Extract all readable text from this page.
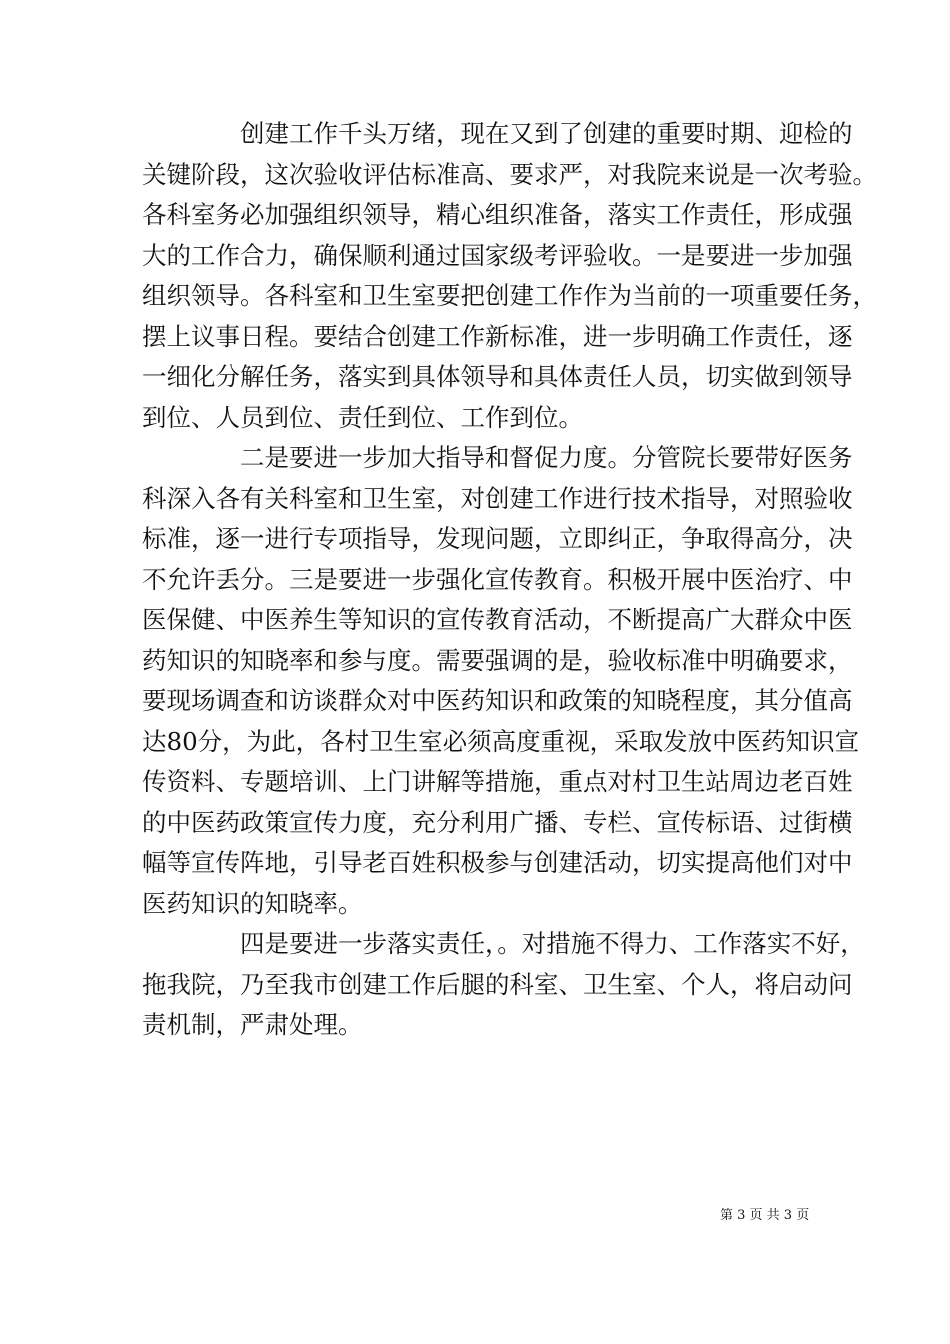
创建工作千头万绪，现在又到了创建的重要时期、迎检的
关键阶段，这次验收评估标准高、要求严，对我院来说是一次考验。
各科室务必加强组织领导，精心组织准备，落实工作责任，形成强
大的工作合力，确保顺利通过国家级考评验收。一是要进一步加强
组织领导。各科室和卫生室要把创建工作作为当前的一项重要任务，
摆上议事日程。要结合创建工作新标准，进一步明确工作责任，逐
一细化分解任务，落实到具体领导和具体责任人员，切实做到领导
到位、人员到位、责任到位、工作到位。
二是要进一步加大指导和督促力度。分管院长要带好医务
科深入各有关科室和卫生室，对创建工作进行技术指导，对照验收
标准，逐一进行专项指导，发现问题，立即纠正，争取得高分，决
不允许丢分。三是要进一步强化宣传教育。积极开展中医治疗、中
医保健、中医养生等知识的宣传教育活动，不断提高广大群众中医
药知识的知晓率和参与度。需要强调的是，验收标准中明确要求，
要现场调查和访谈群众对中医药知识和政策的知晓程度，其分值高
达80分，为此，各村卫生室必须高度重视，采取发放中医药知识宣
传资料、专题培训、上门讲解等措施，重点对村卫生站周边老百姓
的中医药政策宣传力度，充分利用广播、专栏、宣传标语、过街横
幅等宣传阵地，引导老百姓积极参与创建活动，切实提高他们对中
医药知识的知晓率。
四是要进一步落实责任，。对措施不得力、工作落实不好，
拖我院，乃至我市创建工作后腿的科室、卫生室、个人，将启动问
责机制，严肃处理。
第 3 页 共 3 页
